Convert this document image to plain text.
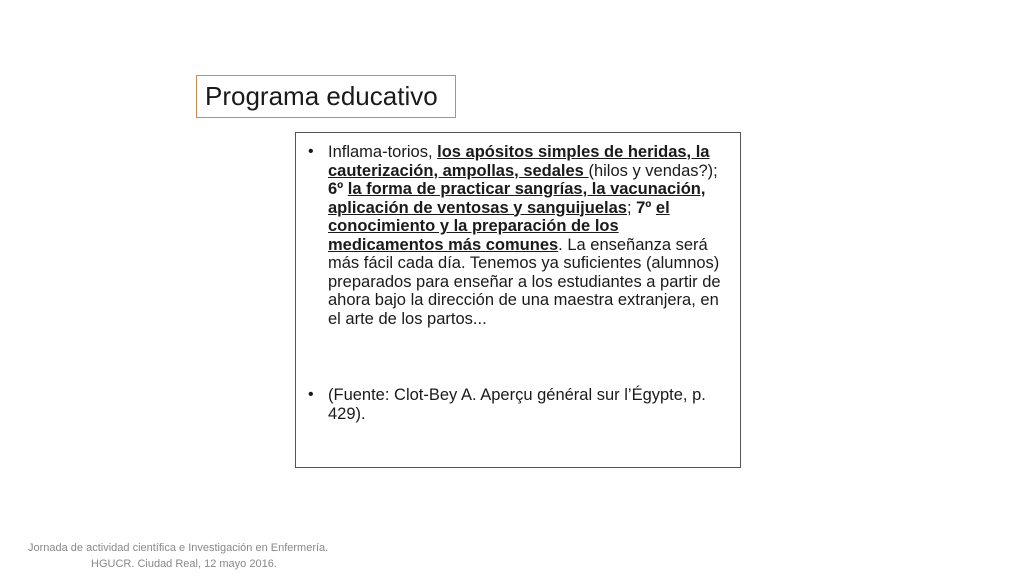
Programa educativo
• Inflama-torios, los apósitos simples de heridas, la cauterización, ampollas, sedales (hilos y vendas?); 6º la forma de practicar sangrías, la vacunación, aplicación de ventosas y sanguijuelas; 7º el conocimiento y la preparación de los medicamentos más comunes. La enseñanza será más fácil cada día. Tenemos ya suficientes (alumnos) preparados para enseñar a los estudiantes a partir de ahora bajo la dirección de una maestra extranjera, en el arte de los partos...
• (Fuente: Clot-Bey A. Aperçu général sur l’Égypte, p. 429).
Jornada de actividad científica e Investigación en Enfermería.
HGUCR. Ciudad Real, 12 mayo 2016.
